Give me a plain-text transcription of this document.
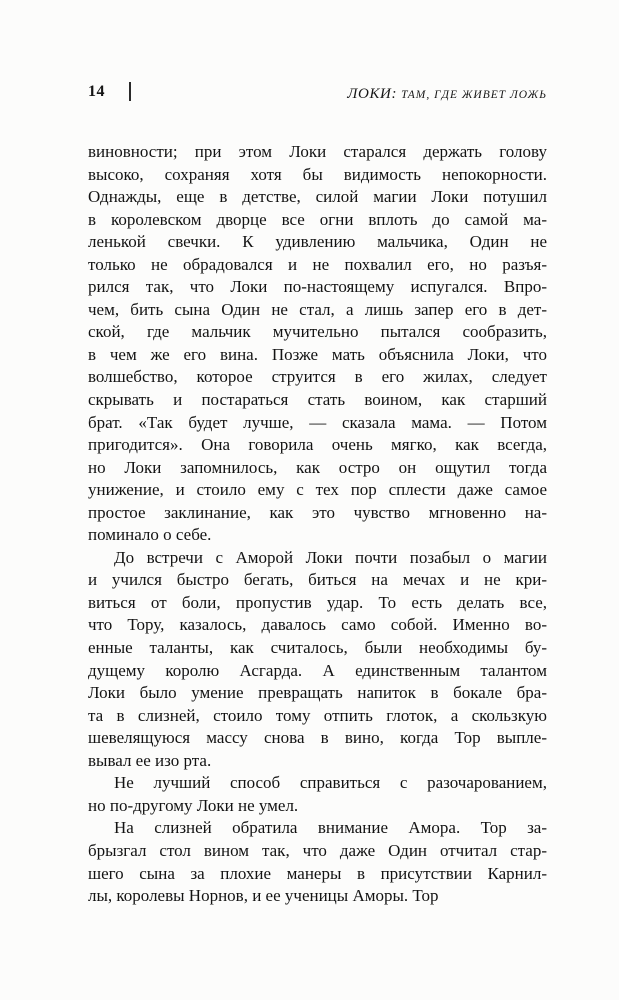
14	ЛОКИ: ТАМ, ГДЕ ЖИВЕТ ЛОЖЬ
виновности; при этом Локи старался держать голову
высоко, сохраняя хотя бы видимость непокорности.
Однажды, еще в детстве, силой магии Локи потушил
в королевском дворце все огни вплоть до самой ма-
ленькой свечки. К удивлению мальчика, Один не
только не обрадовался и не похвалил его, но разъя-
рился так, что Локи по-настоящему испугался. Впро-
чем, бить сына Один не стал, а лишь запер его в дет-
ской, где мальчик мучительно пытался сообразить,
в чем же его вина. Позже мать объяснила Локи, что
волшебство, которое струится в его жилах, следует
скрывать и постараться стать воином, как старший
брат. «Так будет лучше, — сказала мама. — Потом
пригодится». Она говорила очень мягко, как всегда,
но Локи запомнилось, как остро он ощутил тогда
унижение, и стоило ему с тех пор сплести даже самое
простое заклинание, как это чувство мгновенно на-
поминало о себе.
До встречи с Аморой Локи почти позабыл о магии
и учился быстро бегать, биться на мечах и не кри-
виться от боли, пропустив удар. То есть делать все,
что Тору, казалось, давалось само собой. Именно во-
енные таланты, как считалось, были необходимы бу-
дущему королю Асгарда. А единственным талантом
Локи было умение превращать напиток в бокале бра-
та в слизней, стоило тому отпить глоток, а скользкую
шевелящуюся массу снова в вино, когда Тор выпле-
вывал ее изо рта.
Не лучший способ справиться с разочарованием,
но по-другому Локи не умел.
На слизней обратила внимание Амора. Тор за-
брызгал стол вином так, что даже Один отчитал стар-
шего сына за плохие манеры в присутствии Карнил-
лы, королевы Норнов, и ее ученицы Аморы. Тор
